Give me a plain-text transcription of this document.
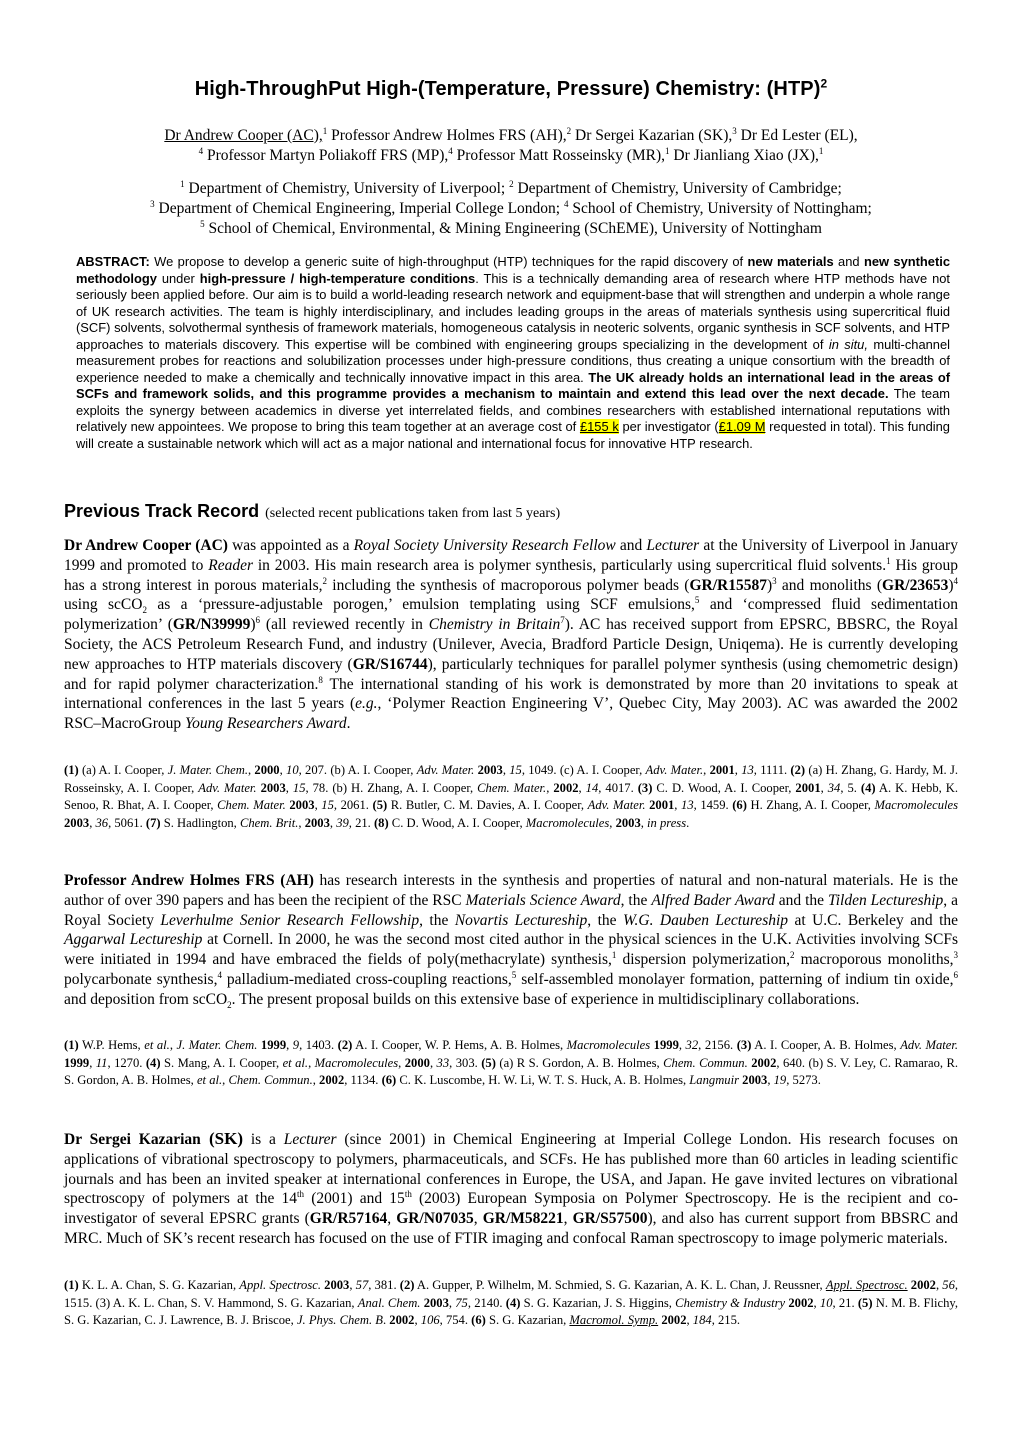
High-ThroughPut High-(Temperature, Pressure) Chemistry: (HTP)$^2$
Dr Andrew Cooper (AC),$^1$ Professor Andrew Holmes FRS (AH),$^2$ Dr Sergei Kazarian (SK),$^3$ Dr Ed Lester (EL),
$^4$ Professor Martyn Poliakoff FRS (MP),$^4$ Professor Matt Rosseinsky (MR),$^1$ Dr Jianliang Xiao (JX),$^1$
$^1$ Department of Chemistry, University of Liverpool; $^2$ Department of Chemistry, University of Cambridge;
$^3$ Department of Chemical Engineering, Imperial College London; $^4$ School of Chemistry, University of Nottingham;
$^5$ School of Chemical, Environmental, & Mining Engineering (SChEME), University of Nottingham
ABSTRACT: We propose to develop a generic suite of high-throughput (HTP) techniques for the rapid discovery of new materials and new synthetic methodology under high-pressure / high-temperature conditions. This is a technically demanding area of research where HTP methods have not seriously been applied before. Our aim is to build a world-leading research network and equipment-base that will strengthen and underpin a whole range of UK research activities. The team is highly interdisciplinary, and includes leading groups in the areas of materials synthesis using supercritical fluid (SCF) solvents, solvothermal synthesis of framework materials, homogeneous catalysis in neoteric solvents, organic synthesis in SCF solvents, and HTP approaches to materials discovery. This expertise will be combined with engineering groups specializing in the development of in situ, multi-channel measurement probes for reactions and solubilization processes under high-pressure conditions, thus creating a unique consortium with the breadth of experience needed to make a chemically and technically innovative impact in this area. The UK already holds an international lead in the areas of SCFs and framework solids, and this programme provides a mechanism to maintain and extend this lead over the next decade. The team exploits the synergy between academics in diverse yet interrelated fields, and combines researchers with established international reputations with relatively new appointees. We propose to bring this team together at an average cost of £155 k per investigator (£1.09 M requested in total). This funding will create a sustainable network which will act as a major national and international focus for innovative HTP research.
Previous Track Record (selected recent publications taken from last 5 years)
Dr Andrew Cooper (AC) was appointed as a Royal Society University Research Fellow and Lecturer at the University of Liverpool in January 1999 and promoted to Reader in 2003. His main research area is polymer synthesis, particularly using supercritical fluid solvents.$^1$ His group has a strong interest in porous materials,$^2$ including the synthesis of macroporous polymer beads $(GR/R15587)^3$ and monoliths $(GR/23653)^4$ using scCO$_2$ as a ‘pressure-adjustable porogen,’ emulsion templating using SCF emulsions,$^5$ and ‘compressed fluid sedimentation polymerization’ $(GR/N39999)^6$ (all reviewed recently in Chemistry in Britain$^7$). AC has received support from EPSRC, BBSRC, the Royal Society, the ACS Petroleum Research Fund, and industry (Unilever, Avecia, Bradford Particle Design, Uniqema). He is currently developing new approaches to HTP materials discovery (GR/S16744), particularly techniques for parallel polymer synthesis (using chemometric design) and for rapid polymer characterization.$^8$ The international standing of his work is demonstrated by more than 20 invitations to speak at international conferences in the last 5 years (e.g., ‘Polymer Reaction Engineering V’, Quebec City, May 2003). AC was awarded the 2002 RSC–MacroGroup Young Researchers Award.
(1) (a) A. I. Cooper, J. Mater. Chem., 2000, 10, 207. (b) A. I. Cooper, Adv. Mater. 2003, 15, 1049. (c) A. I. Cooper, Adv. Mater., 2001, 13, 1111. (2) (a) H. Zhang, G. Hardy, M. J. Rosseinsky, A. I. Cooper, Adv. Mater. 2003, 15, 78. (b) H. Zhang, A. I. Cooper, Chem. Mater., 2002, 14, 4017. (3) C. D. Wood, A. I. Cooper, 2001, 34, 5. (4) A. K. Hebb, K. Senoo, R. Bhat, A. I. Cooper, Chem. Mater. 2003, 15, 2061. (5) R. Butler, C. M. Davies, A. I. Cooper, Adv. Mater. 2001, 13, 1459. (6) H. Zhang, A. I. Cooper, Macromolecules 2003, 36, 5061. (7) S. Hadlington, Chem. Brit., 2003, 39, 21. (8) C. D. Wood, A. I. Cooper, Macromolecules, 2003, in press.
Professor Andrew Holmes FRS (AH) has research interests in the synthesis and properties of natural and non-natural materials. He is the author of over 390 papers and has been the recipient of the RSC Materials Science Award, the Alfred Bader Award and the Tilden Lectureship, a Royal Society Leverhulme Senior Research Fellowship, the Novartis Lectureship, the W.G. Dauben Lectureship at U.C. Berkeley and the Aggarwal Lectureship at Cornell. In 2000, he was the second most cited author in the physical sciences in the U.K. Activities involving SCFs were initiated in 1994 and have embraced the fields of poly(methacrylate) synthesis,$^1$ dispersion polymerization,$^2$ macroporous monoliths,$^3$ polycarbonate synthesis,$^4$ palladium-mediated cross-coupling reactions,$^5$ self-assembled monolayer formation, patterning of indium tin oxide,$^6$ and deposition from scCO$_2$. The present proposal builds on this extensive base of experience in multidisciplinary collaborations.
(1) W.P. Hems, et al., J. Mater. Chem. 1999, 9, 1403. (2) A. I. Cooper, W. P. Hems, A. B. Holmes, Macromolecules 1999, 32, 2156. (3) A. I. Cooper, A. B. Holmes, Adv. Mater. 1999, 11, 1270. (4) S. Mang, A. I. Cooper, et al., Macromolecules, 2000, 33, 303. (5) (a) R S. Gordon, A. B. Holmes, Chem. Commun. 2002, 640. (b) S. V. Ley, C. Ramarao, R. S. Gordon, A. B. Holmes, et al., Chem. Commun., 2002, 1134. (6) C. K. Luscombe, H. W. Li, W. T. S. Huck, A. B. Holmes, Langmuir 2003, 19, 5273.
Dr Sergei Kazarian (SK) is a Lecturer (since 2001) in Chemical Engineering at Imperial College London. His research focuses on applications of vibrational spectroscopy to polymers, pharmaceuticals, and SCFs. He has published more than 60 articles in leading scientific journals and has been an invited speaker at international conferences in Europe, the USA, and Japan. He gave invited lectures on vibrational spectroscopy of polymers at the 14th (2001) and 15th (2003) European Symposia on Polymer Spectroscopy. He is the recipient and co-investigator of several EPSRC grants (GR/R57164, GR/N07035, GR/M58221, GR/S57500), and also has current support from BBSRC and MRC. Much of SK’s recent research has focused on the use of FTIR imaging and confocal Raman spectroscopy to image polymeric materials.
(1) K. L. A. Chan, S. G. Kazarian, Appl. Spectrosc. 2003, 57, 381. (2) A. Gupper, P. Wilhelm, M. Schmied, S. G. Kazarian, A. K. L. Chan, J. Reussner, Appl. Spectrosc. 2002, 56, 1515. (3) A. K. L. Chan, S. V. Hammond, S. G. Kazarian, Anal. Chem. 2003, 75, 2140. (4) S. G. Kazarian, J. S. Higgins, Chemistry & Industry 2002, 10, 21. (5) N. M. B. Flichy, S. G. Kazarian, C. J. Lawrence, B. J. Briscoe, J. Phys. Chem. B. 2002, 106, 754. (6) S. G. Kazarian, Macromol. Symp. 2002, 184, 215.
